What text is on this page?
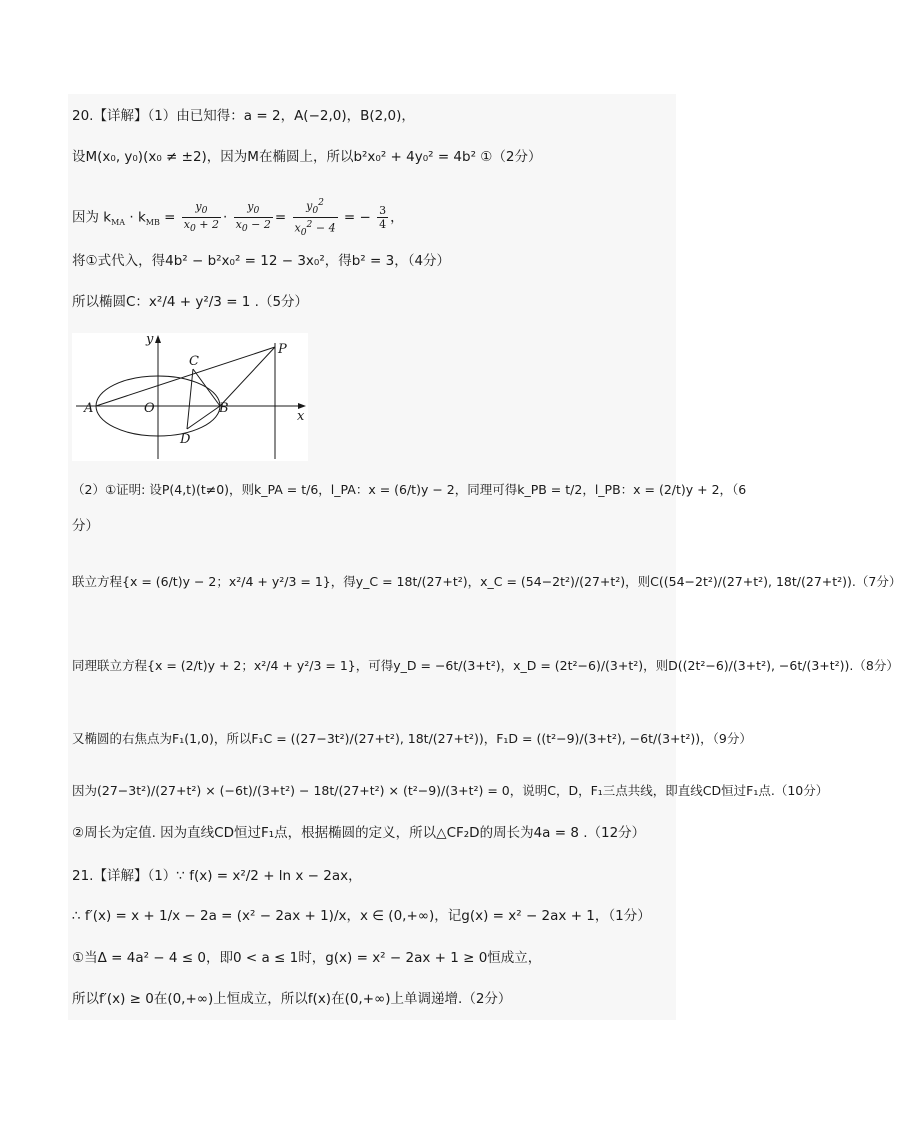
20.【详解】（1）由已知得：a = 2，A(−2,0)，B(2,0)，
设M(x₀, y₀)(x₀ ≠ ±2)，因为M在椭圆上，所以b²x₀² + 4y₀² = 4b² ①（2分）
因为 $k_{MA} \cdot k_{MB} = \frac{y_0}{x_0 + 2} \cdot \frac{y_0}{x_0 - 2} = \frac{y_0^2}{x_0^2 - 4}$ = − $\frac{3}{4}$ ，
将①式代入，得4b² − b²x₀² = 12 − 3x₀²，得b² = 3，（4分）
所以椭圆C：x²/4 + y²/3 = 1 .（5分）
y
x
P
C
A	O	B
D
（2）①证明: 设P(4,t)(t≠0)，则k_PA = t/6，l_PA：x = (6/t)y − 2，同理可得k_PB = t/2，l_PB：x = (2/t)y + 2，（6
分）
联立方程{x = (6/t)y − 2；x²/4 + y²/3 = 1}，得y_C = 18t/(27+t²)，x_C = (54−2t²)/(27+t²)，则C((54−2t²)/(27+t²), 18t/(27+t²)).（7分）
同理联立方程{x = (2/t)y + 2；x²/4 + y²/3 = 1}，可得y_D = −6t/(3+t²)，x_D = (2t²−6)/(3+t²)，则D((2t²−6)/(3+t²), −6t/(3+t²)).（8分）
又椭圆的右焦点为F₁(1,0)，所以F₁C = ((27−3t²)/(27+t²), 18t/(27+t²))，F₁D = ((t²−9)/(3+t²), −6t/(3+t²))，（9分）
因为(27−3t²)/(27+t²) × (−6t)/(3+t²) − 18t/(27+t²) × (t²−9)/(3+t²) = 0，说明C，D，F₁三点共线，即直线CD恒过F₁点.（10分）
②周长为定值. 因为直线CD恒过F₁点，根据椭圆的定义，所以△CF₂D的周长为4a = 8 .（12分）
21.【详解】（1）∵ f(x) = x²/2 + ln x − 2ax，
∴ f′(x) = x + 1/x − 2a = (x² − 2ax + 1)/x，x ∈ (0,+∞)，记g(x) = x² − 2ax + 1，（1分）
①当Δ = 4a² − 4 ≤ 0，即0 < a ≤ 1时，g(x) = x² − 2ax + 1 ≥ 0恒成立，
所以f′(x) ≥ 0在(0,+∞)上恒成立，所以f(x)在(0,+∞)上单调递增.（2分）
